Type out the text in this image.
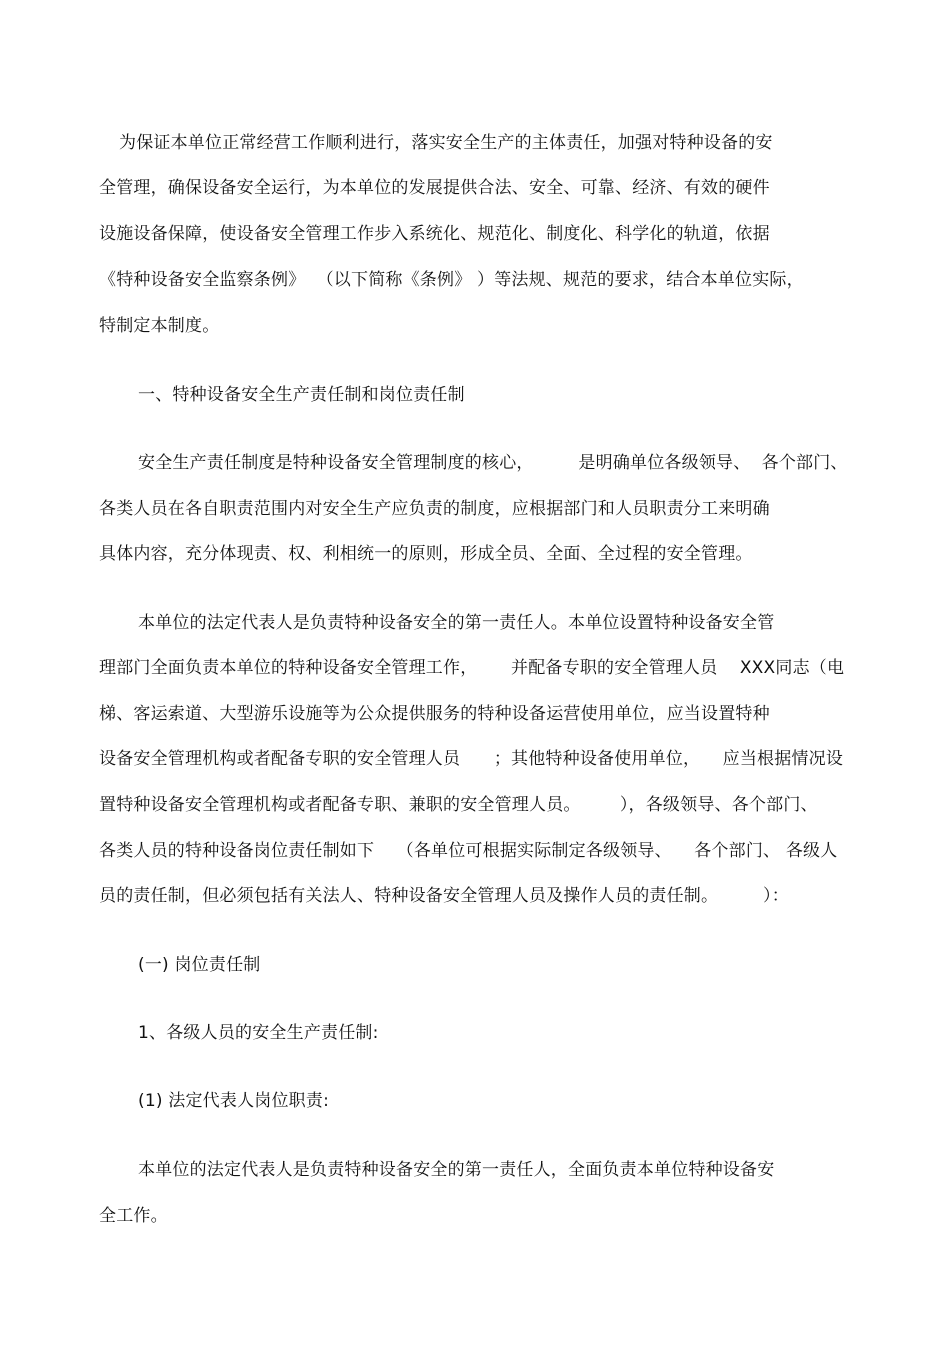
为保证本单位正常经营工作顺利进行，落实安全生产的主体责任，加强对特种设备的安
全管理，确保设备安全运行，为本单位的发展提供合法、安全、可靠、经济、有效的硬件
设施设备保障，使设备安全管理工作步入系统化、规范化、制度化、科学化的轨道，依据
《特种设备安全监察条例》  （以下简称《条例》 ）等法规、规范的要求，结合本单位实际，
特制定本制度。
一、特种设备安全生产责任制和岗位责任制
安全生产责任制度是特种设备安全管理制度的核心，        是明确单位各级领导、  各个部门、
各类人员在各自职责范围内对安全生产应负责的制度，应根据部门和人员职责分工来明确
具体内容，充分体现责、权、利相统一的原则，形成全员、全面、全过程的安全管理。
本单位的法定代表人是负责特种设备安全的第一责任人。本单位设置特种设备安全管
理部门全面负责本单位的特种设备安全管理工作，      并配备专职的安全管理人员    XXX同志（电
梯、客运索道、大型游乐设施等为公众提供服务的特种设备运营使用单位，应当设置特种
设备安全管理机构或者配备专职的安全管理人员      ；其他特种设备使用单位，    应当根据情况设
置特种设备安全管理机构或者配备专职、兼职的安全管理人员。       ），各级领导、各个部门、
各类人员的特种设备岗位责任制如下    （各单位可根据实际制定各级领导、    各个部门、 各级人
员的责任制，但必须包括有关法人、特种设备安全管理人员及操作人员的责任制。        ）：
(一) 岗位责任制
1、各级人员的安全生产责任制:
(1) 法定代表人岗位职责:
本单位的法定代表人是负责特种设备安全的第一责任人，全面负责本单位特种设备安
全工作。
